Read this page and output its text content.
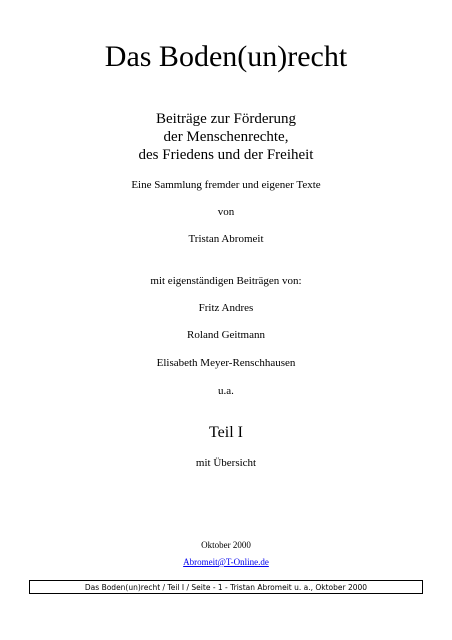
Das Boden(un)recht
Beiträge zur Förderung
der Menschenrechte,
des Friedens und der Freiheit
Eine Sammlung fremder und eigener Texte
von
Tristan Abromeit
mit eigenständigen Beiträgen von:
Fritz Andres
Roland Geitmann
Elisabeth Meyer-Renschhausen
u.a.
Teil I
mit Übersicht
Oktober 2000
Abromeit@T-Online.de
Das Boden(un)recht / Teil I / Seite - 1 - Tristan Abromeit u. a., Oktober 2000
